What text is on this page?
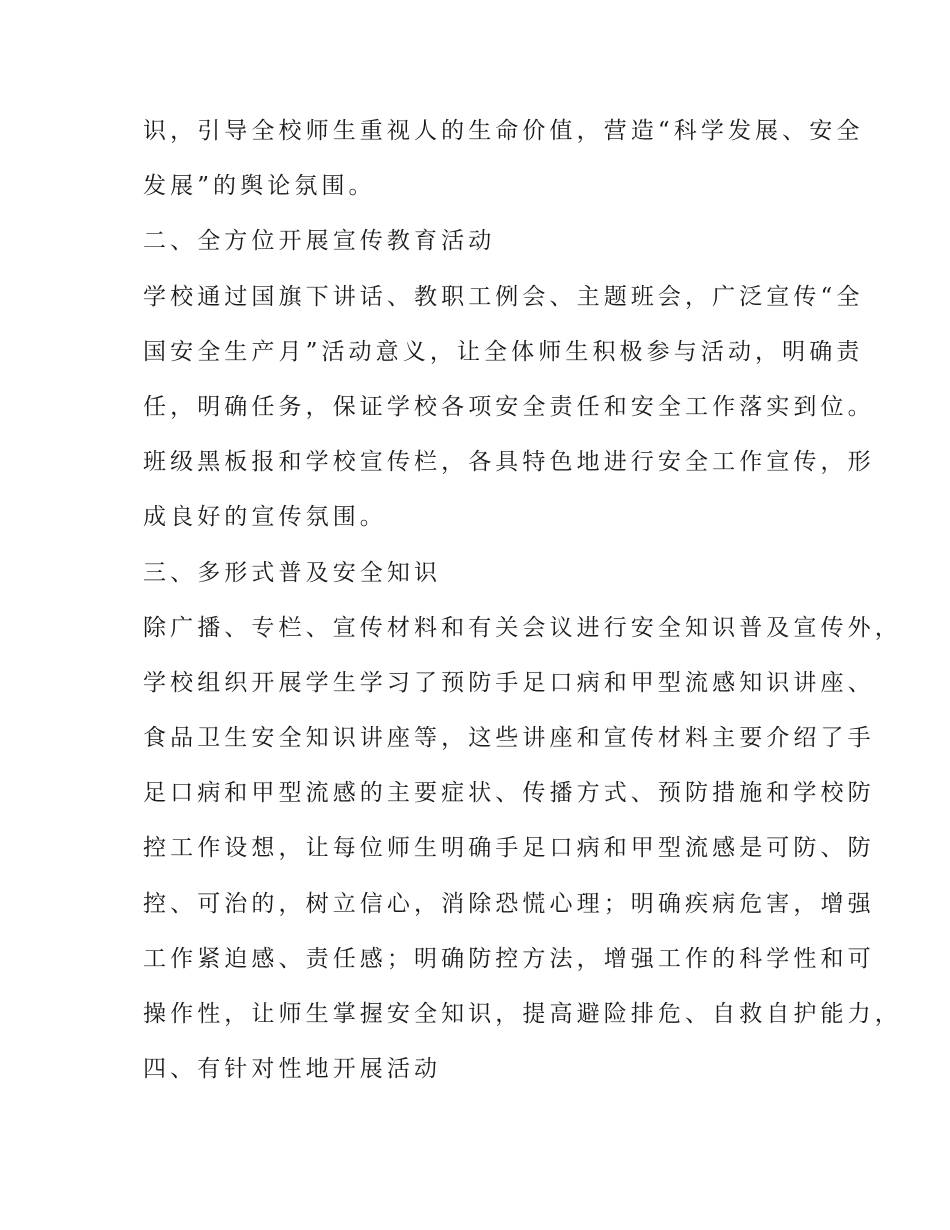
识，引导全校师生重视人的生命价值，营造“科学发展、安全
发展”的舆论氛围。
二、全方位开展宣传教育活动
学校通过国旗下讲话、教职工例会、主题班会，广泛宣传“全
国安全生产月”活动意义，让全体师生积极参与活动，明确责
任，明确任务，保证学校各项安全责任和安全工作落实到位。
班级黑板报和学校宣传栏，各具特色地进行安全工作宣传，形
成良好的宣传氛围。
三、多形式普及安全知识
除广播、专栏、宣传材料和有关会议进行安全知识普及宣传外，
学校组织开展学生学习了预防手足口病和甲型流感知识讲座、
食品卫生安全知识讲座等，这些讲座和宣传材料主要介绍了手
足口病和甲型流感的主要症状、传播方式、预防措施和学校防
控工作设想，让每位师生明确手足口病和甲型流感是可防、防
控、可治的，树立信心，消除恐慌心理；明确疾病危害，增强
工作紧迫感、责任感；明确防控方法，增强工作的科学性和可
操作性，让师生掌握安全知识，提高避险排危、自救自护能力，
四、有针对性地开展活动
